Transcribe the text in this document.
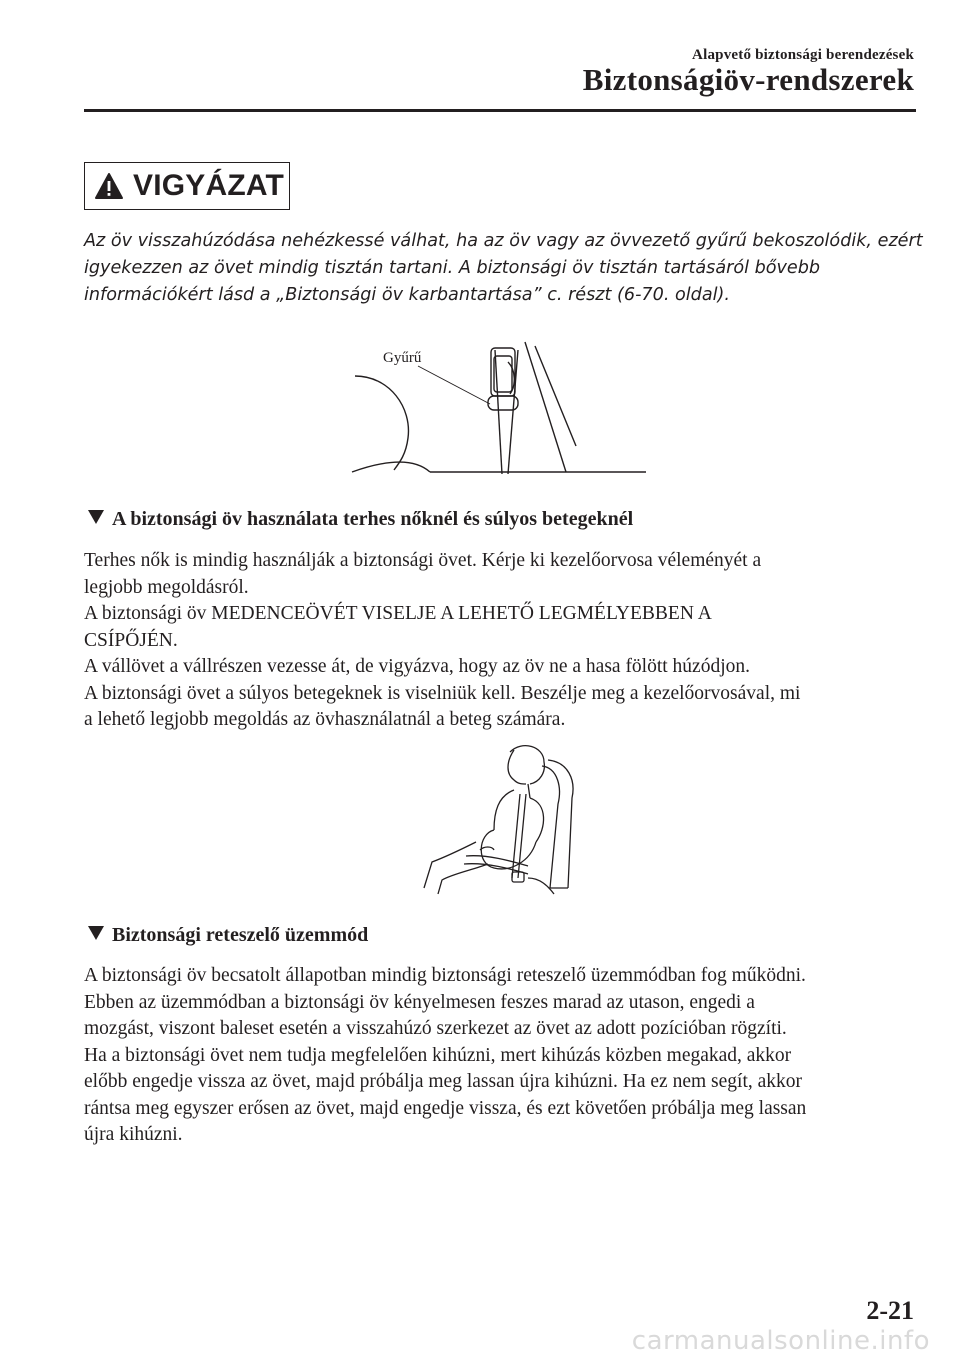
Alapvető biztonsági berendezések
Biztonságiöv-rendszerek
VIGYÁZAT
Az öv visszahúzódása nehézkessé válhat, ha az öv vagy az övvezető gyűrű bekoszolódik, ezért
igyekezzen az övet mindig tisztán tartani. A biztonsági öv tisztán tartásáról bővebb
információkért lásd a „Biztonsági öv karbantartása” c. részt (6-70. oldal).
Gyűrű
A biztonsági öv használata terhes nőknél és súlyos betegeknél
Terhes nők is mindig használják a biztonsági övet. Kérje ki kezelőorvosa véleményét a
legjobb megoldásról.
A biztonsági öv MEDENCEÖVÉT VISELJE A LEHETŐ LEGMÉLYEBBEN A
CSÍPŐJÉN.
A vállövet a vállrészen vezesse át, de vigyázva, hogy az öv ne a hasa fölött húzódjon.
A biztonsági övet a súlyos betegeknek is viselniük kell. Beszélje meg a kezelőorvosával, mi
a lehető legjobb megoldás az övhasználatnál a beteg számára.
Biztonsági reteszelő üzemmód
A biztonsági öv becsatolt állapotban mindig biztonsági reteszelő üzemmódban fog működni.
Ebben az üzemmódban a biztonsági öv kényelmesen feszes marad az utason, engedi a
mozgást, viszont baleset esetén a visszahúzó szerkezet az övet az adott pozícióban rögzíti.
Ha a biztonsági övet nem tudja megfelelően kihúzni, mert kihúzás közben megakad, akkor
előbb engedje vissza az övet, majd próbálja meg lassan újra kihúzni. Ha ez nem segít, akkor
rántsa meg egyszer erősen az övet, majd engedje vissza, és ezt követően próbálja meg lassan
újra kihúzni.
2-21
carmanualsonline.info
